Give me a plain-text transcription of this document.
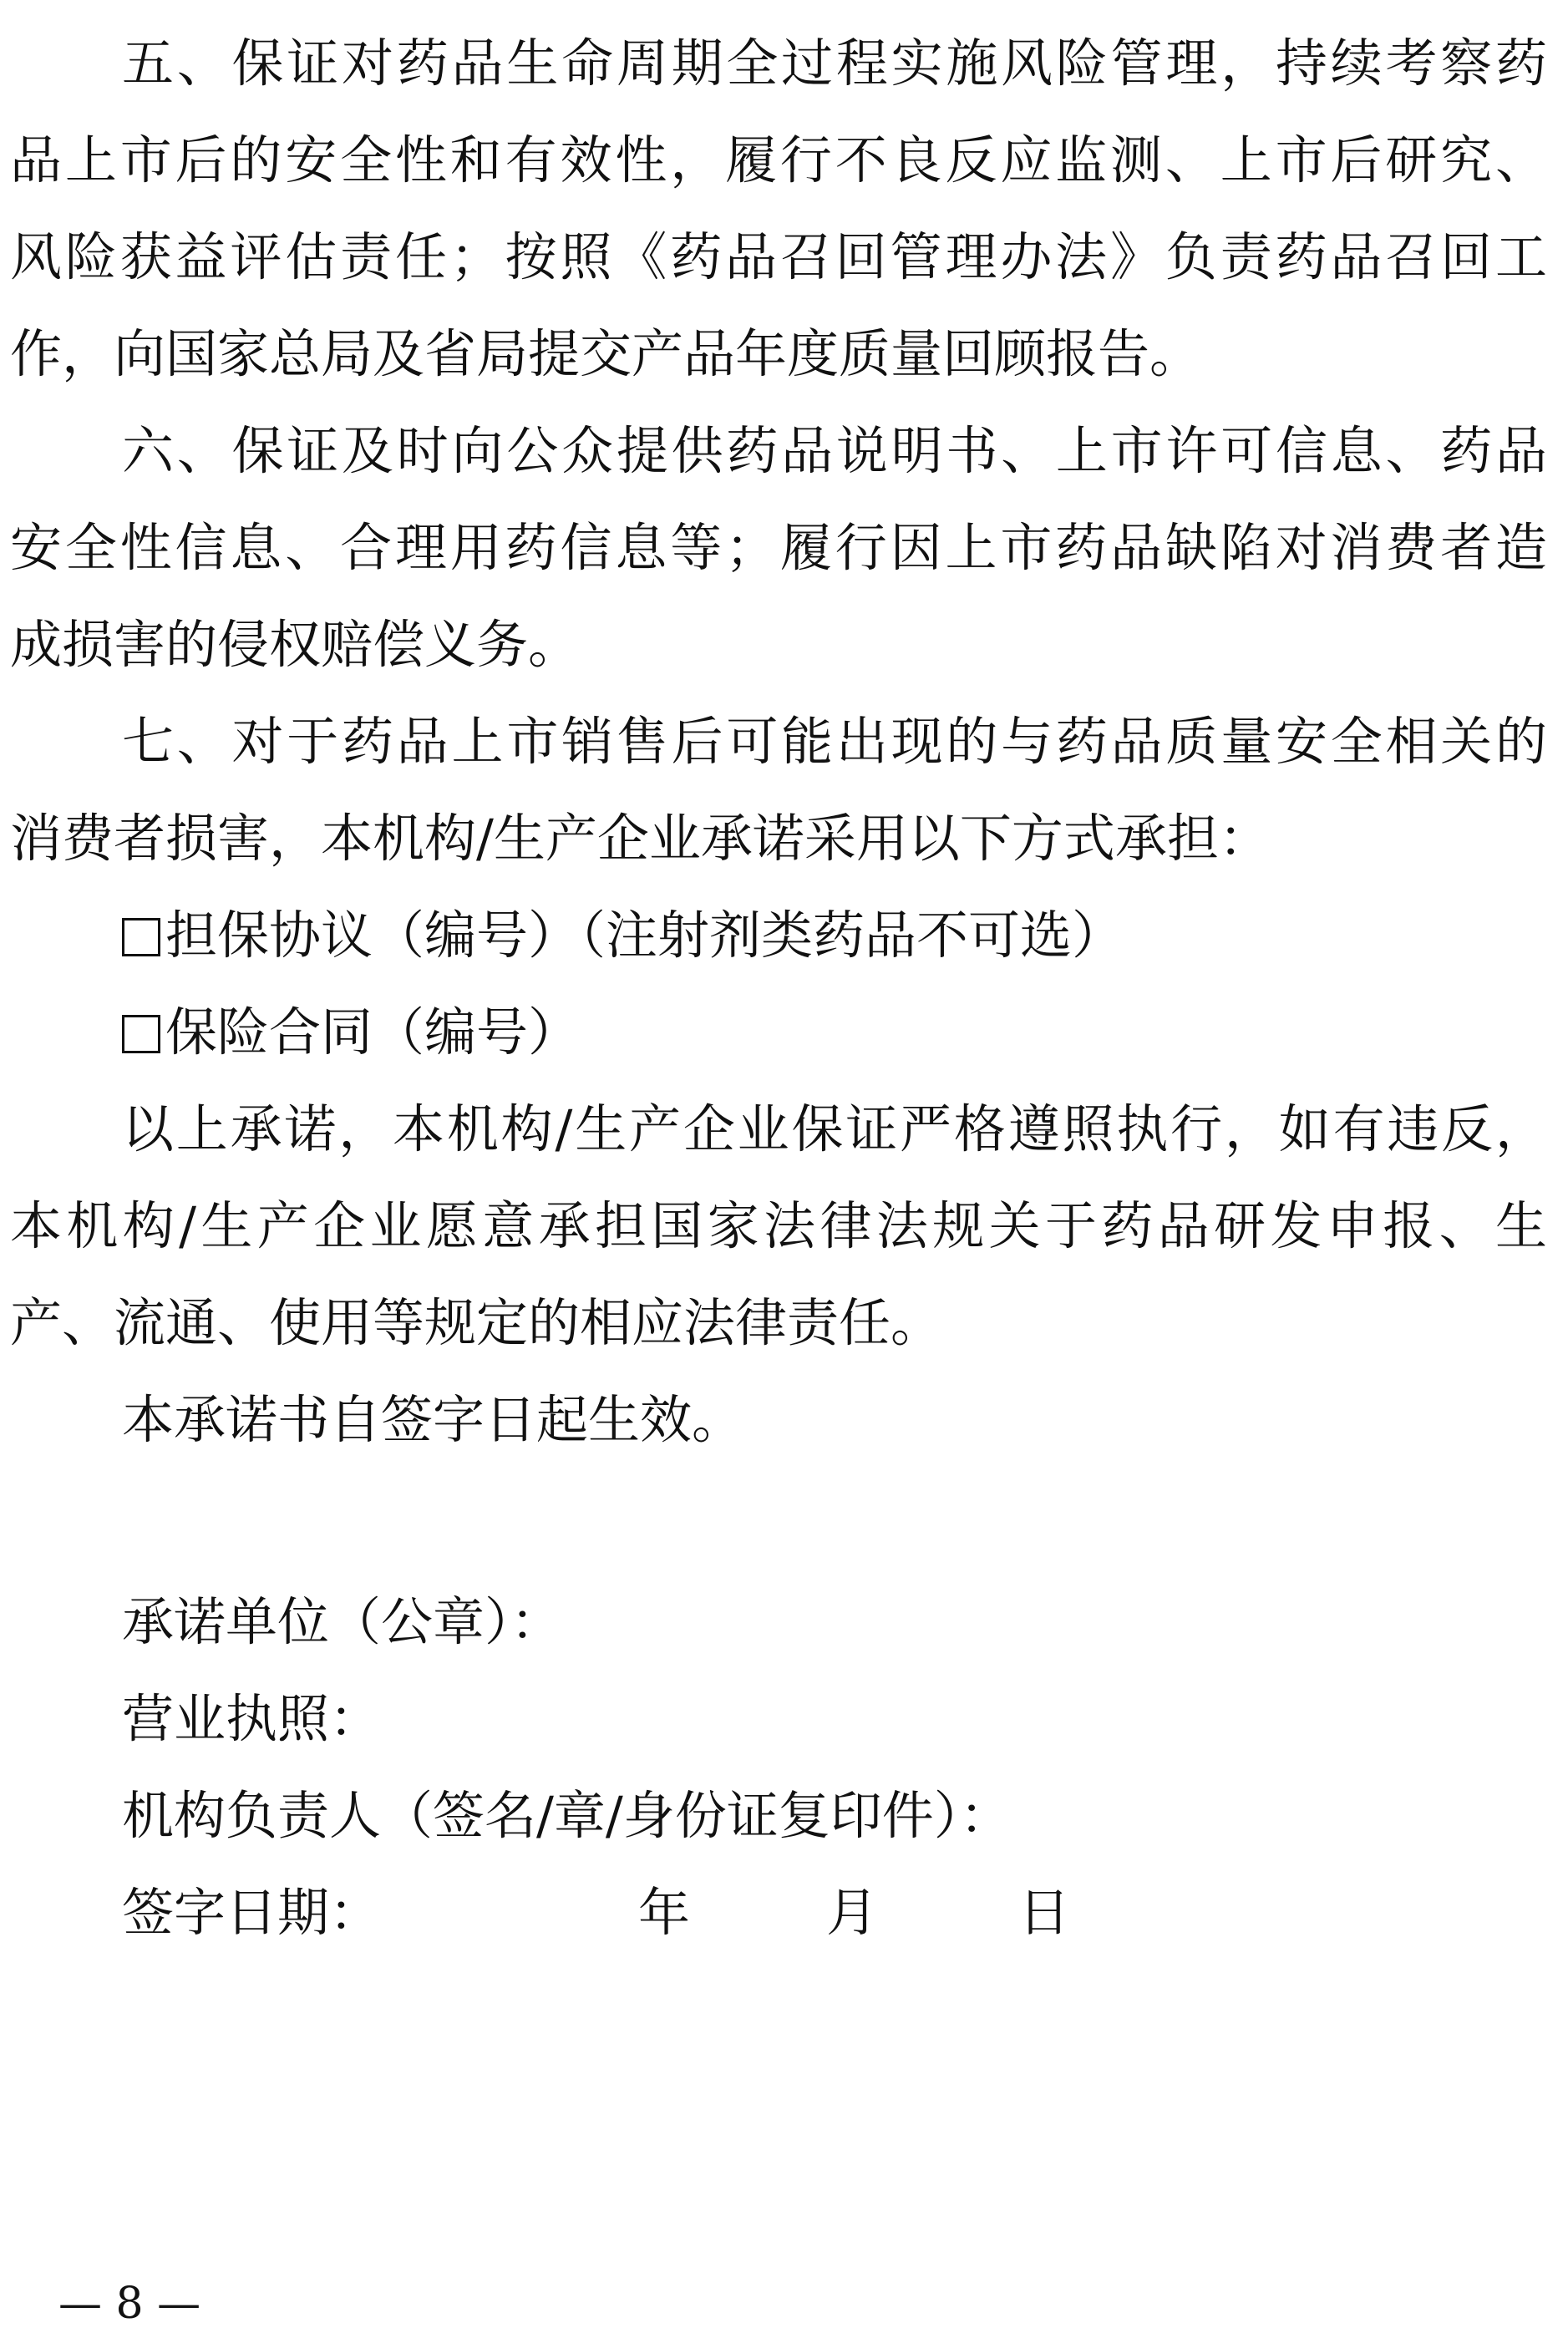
五、保证对药品生命周期全过程实施风险管理，持续考察药
品上市后的安全性和有效性，履行不良反应监测、上市后研究、
风险获益评估责任；按照《药品召回管理办法》负责药品召回工
作，向国家总局及省局提交产品年度质量回顾报告。
六、保证及时向公众提供药品说明书、上市许可信息、药品
安全性信息、合理用药信息等；履行因上市药品缺陷对消费者造
成损害的侵权赔偿义务。
七、对于药品上市销售后可能出现的与药品质量安全相关的
消费者损害，本机构/生产企业承诺采用以下方式承担：
担保协议（编号）（注射剂类药品不可选）
保险合同（编号）
以上承诺，本机构/生产企业保证严格遵照执行，如有违反，
本机构/生产企业愿意承担国家法律法规关于药品研发申报、生
产、流通、使用等规定的相应法律责任。
本承诺书自签字日起生效。
承诺单位（公章）：
营业执照：
机构负责人（签名/章/身份证复印件）：
签字日期：	年	月	日
— 8 —
